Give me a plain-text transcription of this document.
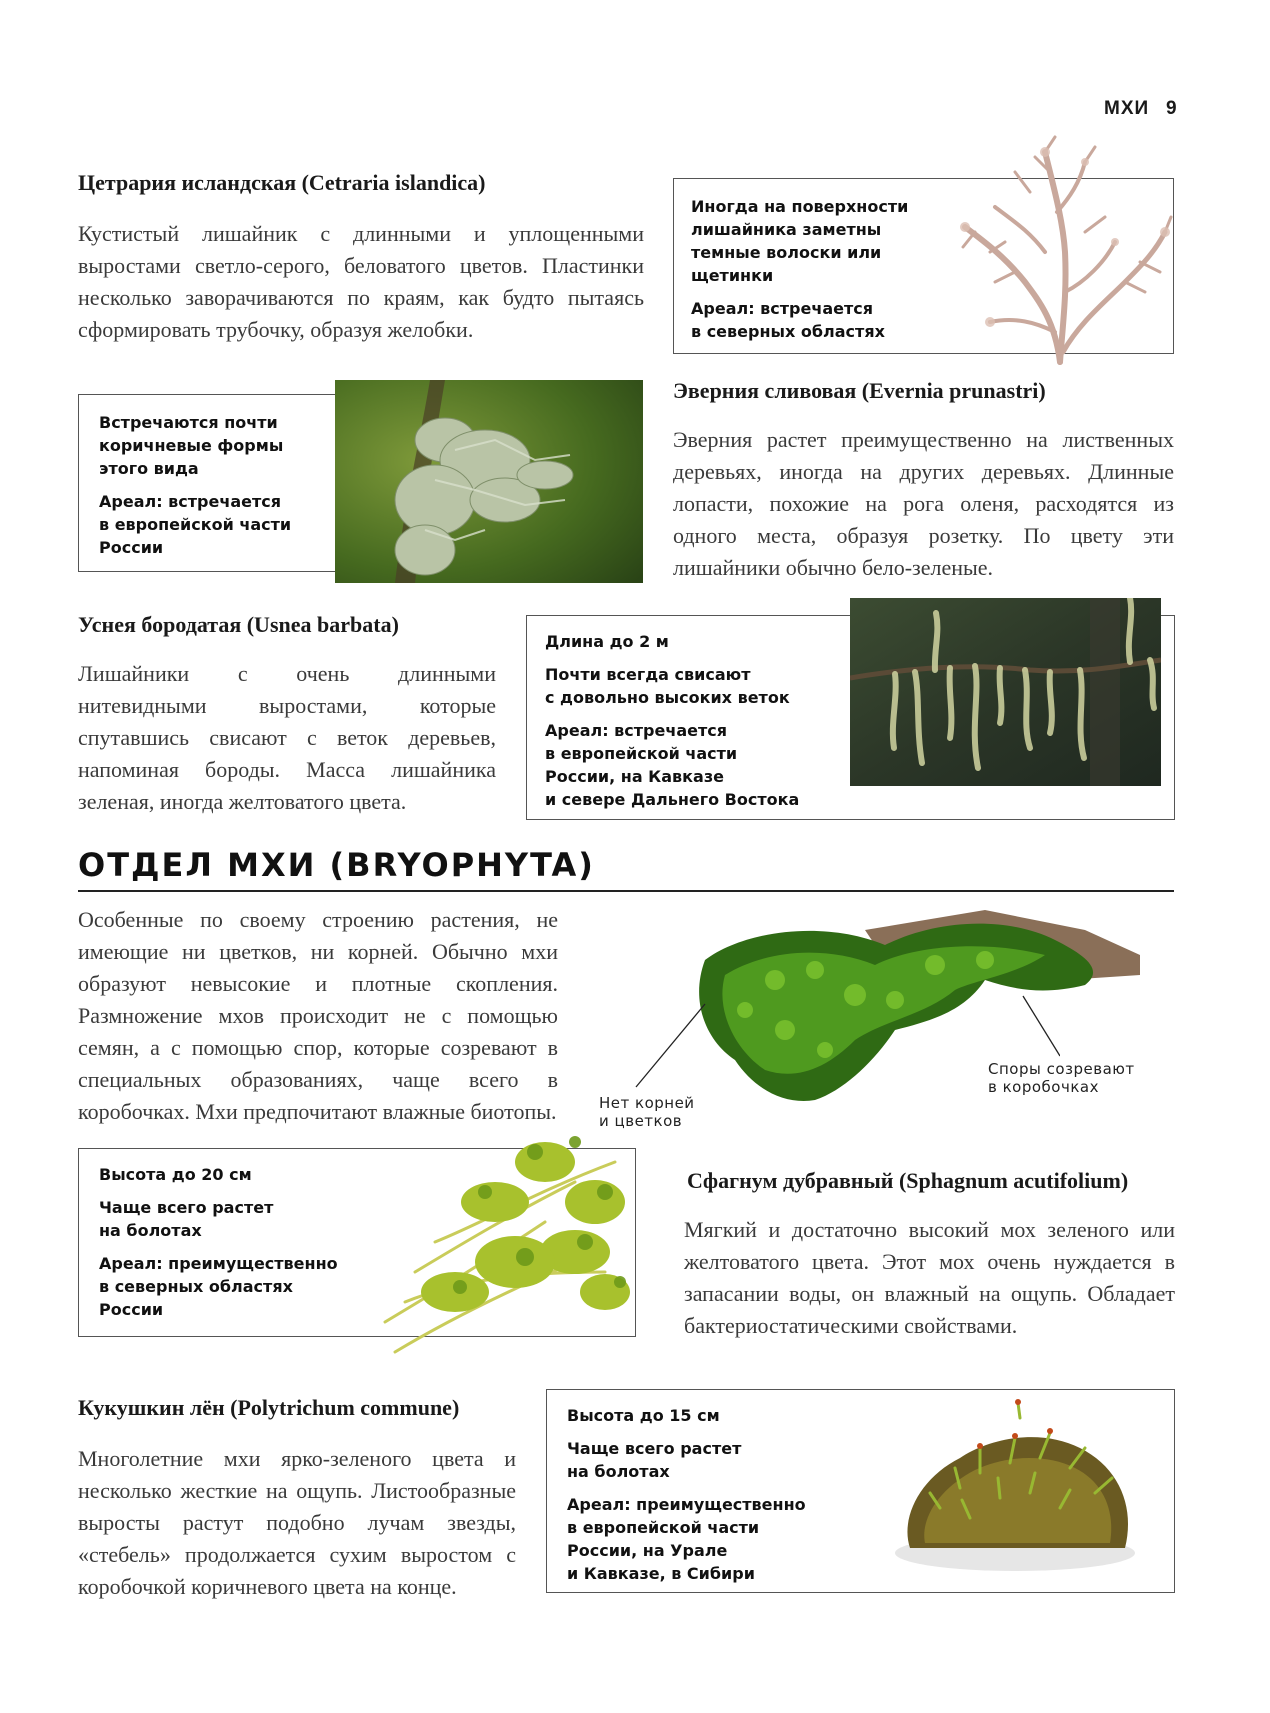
МХИ 9
Цетрария исландская (Cetraria islandica)

Кустистый лишайник с длинными и уплощенными выростами светло-серого, беловатого цветов. Пластинки несколько заворачиваются по краям, как будто пытаясь сформировать трубочку, образуя желобки.

Иногда на поверхности
лишайника заметны
темные волоски или
щетинки

Ареал: встречается
в северных областях

Встречаются почти
коричневые формы
этого вида

Ареал: встречается
в европейской части
России

Эверния сливовая (Evernia prunastri)

Эверния растет преимущественно на лиственных деревьях, иногда на других деревьях. Длинные лопасти, похожие на рога оленя, расходятся из одного места, образуя розетку. По цвету эти лишайники обычно бело-зеленые.

Уснея бородатая (Usnea barbata)

Лишайники с очень длинными нитевидными выростами, которые спутавшись свисают с веток деревьев, напоминая бороды. Масса лишайника зеленая, иногда желтоватого цвета.

Длина до 2 м

Почти всегда свисают
с довольно высоких веток

Ареал: встречается
в европейской части
России, на Кавказе
и севере Дальнего Востока

ОТДЕЛ МХИ (BRYOPHYTA)

Особенные по своему строению растения, не имеющие ни цветков, ни корней. Обычно мхи образуют невысокие и плотные скопления. Размножение мхов происходит не с помощью семян, а с помощью спор, которые созревают в специальных образованиях, чаще всего в коробочках. Мхи предпочитают влажные биотопы.

Споры созревают
в коробочках
Нет корней
и цветков

Высота до 20 см

Чаще всего растет
на болотах

Ареал: преимущественно
в северных областях
России

Сфагнум дубравный (Sphagnum acutifolium)

Мягкий и достаточно высокий мох зеленого или желтоватого цвета. Этот мох очень нуждается в запасании воды, он влажный на ощупь. Обладает бактериостатическими свойствами.

Кукушкин лён (Polytrichum commune)

Многолетние мхи ярко-зеленого цвета и несколько жесткие на ощупь. Листообразные выросты растут подобно лучам звезды, «стебель» продолжается сухим выростом с коробочкой коричневого цвета на конце.

Высота до 15 см

Чаще всего растет
на болотах

Ареал: преимущественно
в европейской части
России, на Урале
и Кавказе, в Сибири
